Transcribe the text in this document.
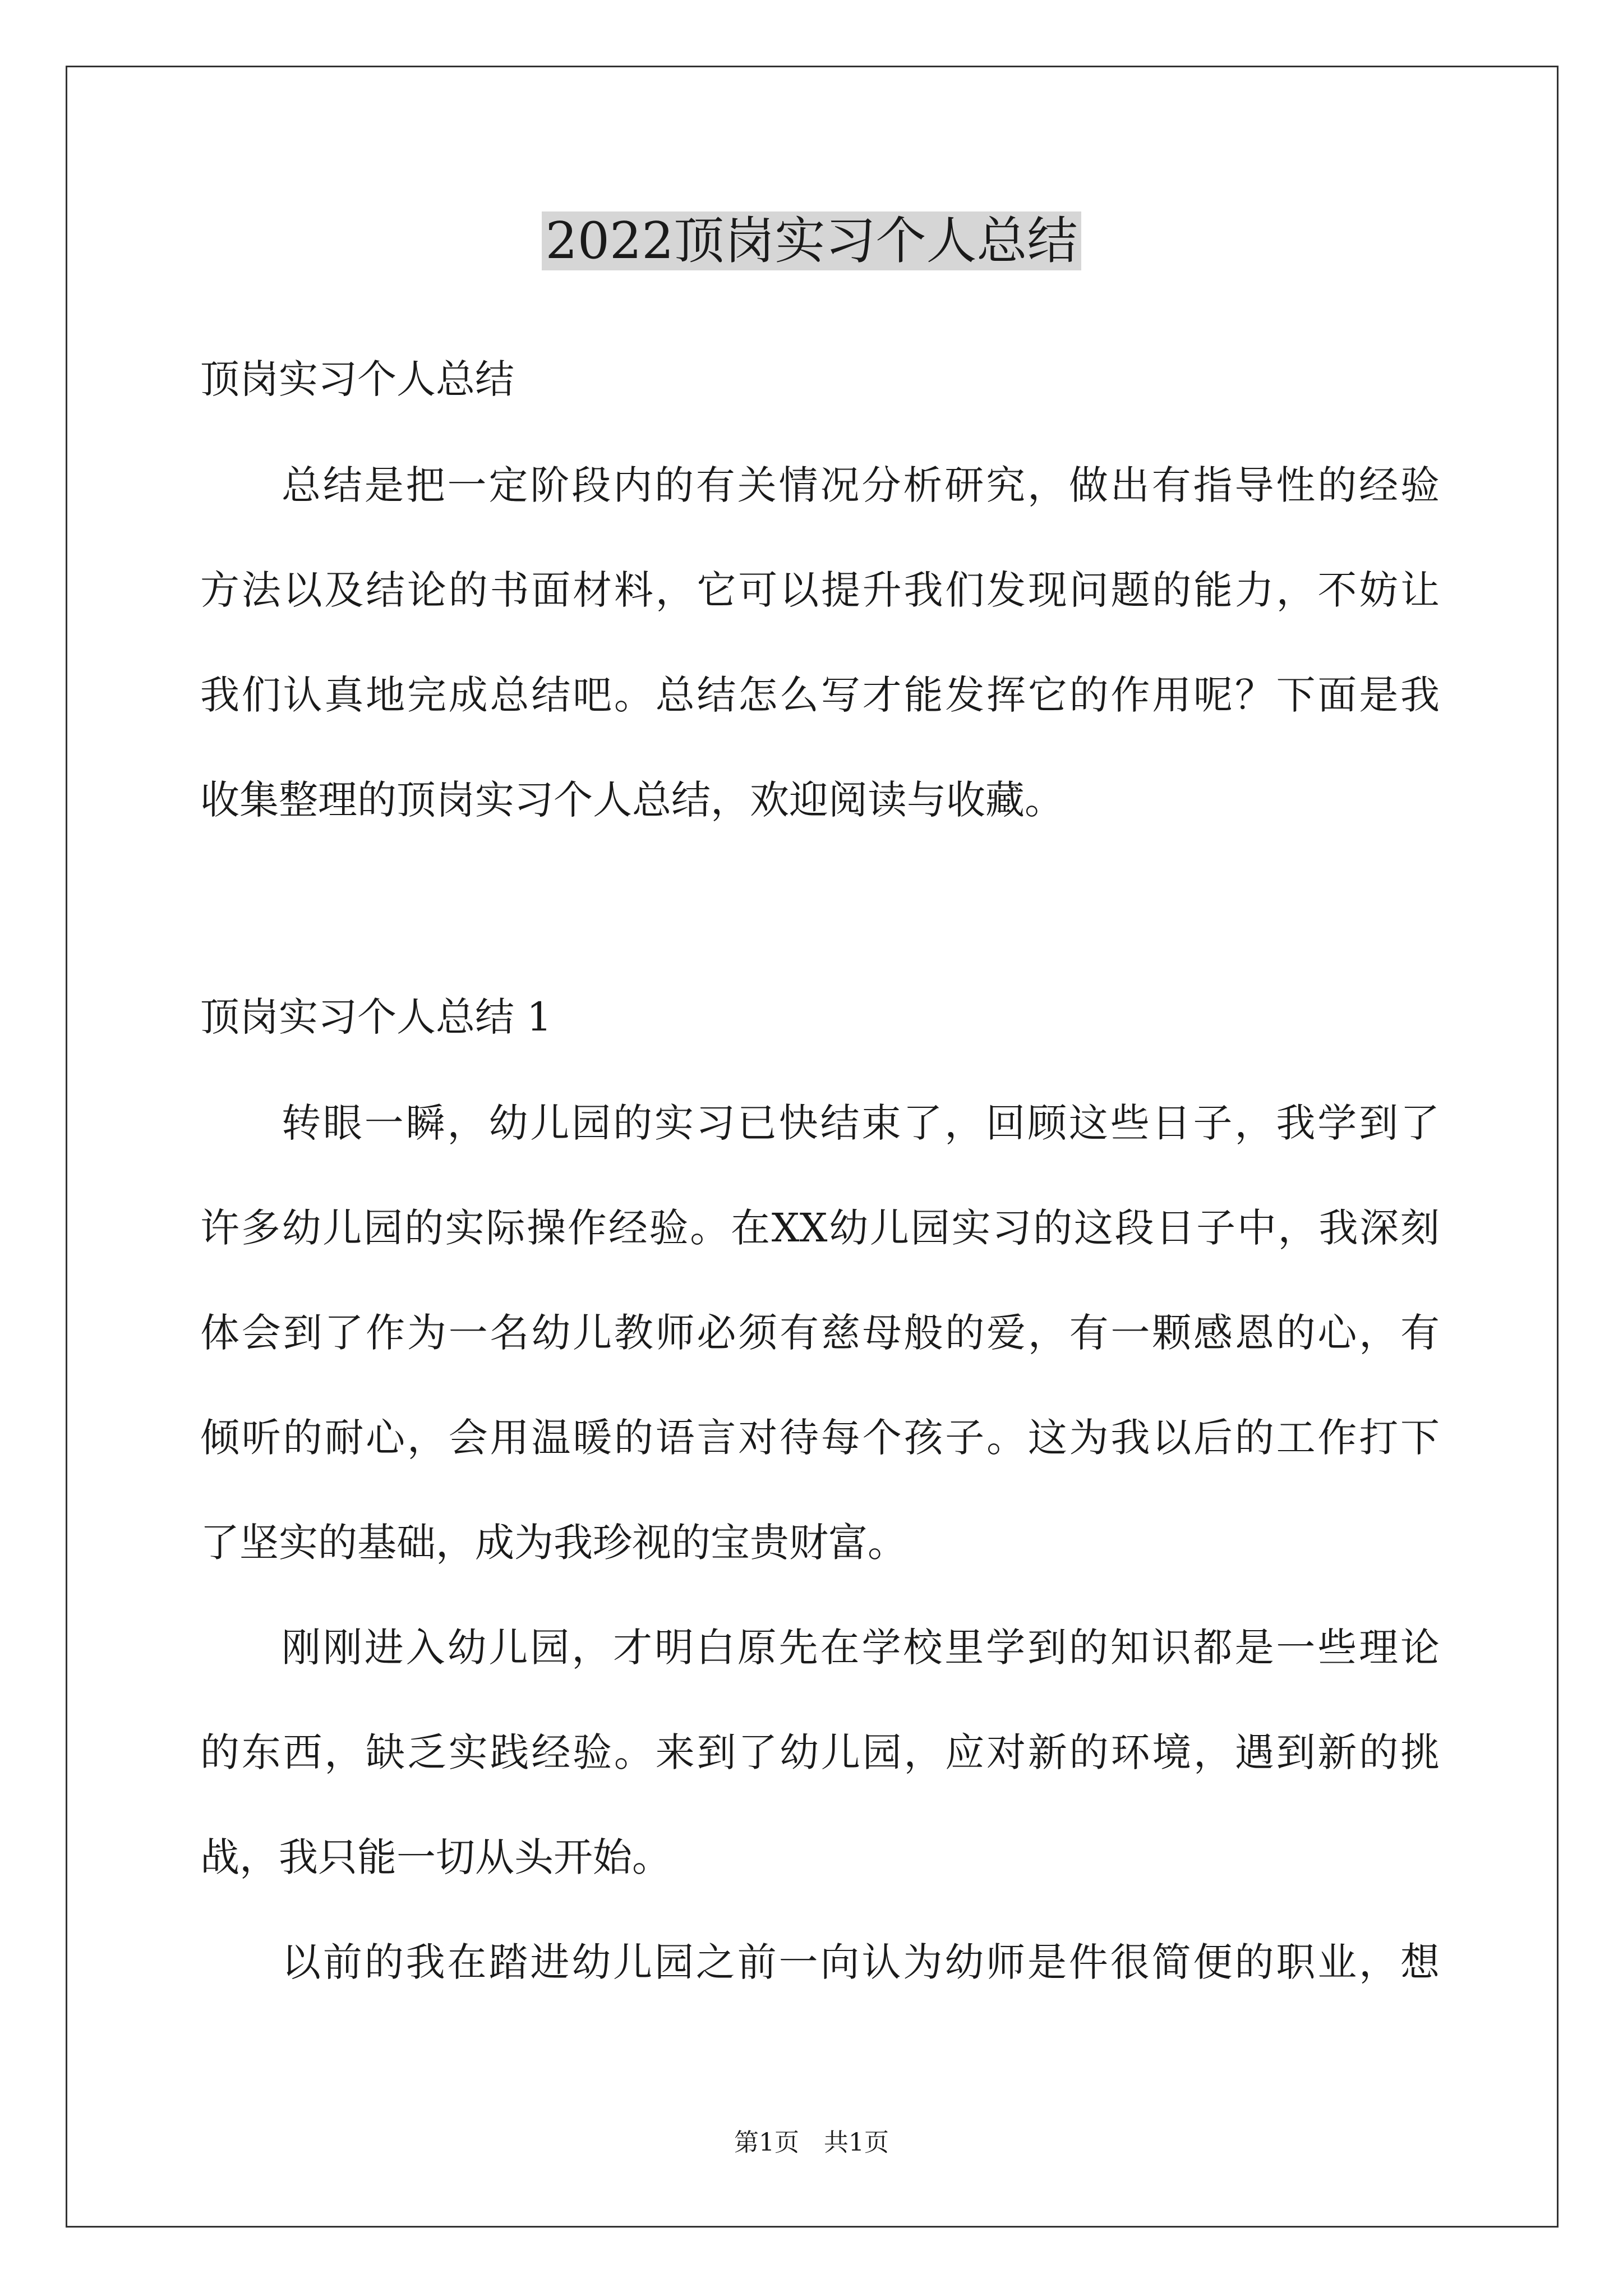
2022顶岗实习个人总结
顶岗实习个人总结
总结是把一定阶段内的有关情况分析研究，做出有指导性的经验
方法以及结论的书面材料，它可以提升我们发现问题的能力，不妨让
我们认真地完成总结吧。总结怎么写才能发挥它的作用呢？下面是我
收集整理的顶岗实习个人总结，欢迎阅读与收藏。
顶岗实习个人总结 1
转眼一瞬，幼儿园的实习已快结束了，回顾这些日子，我学到了
许多幼儿园的实际操作经验。在XX幼儿园实习的这段日子中，我深刻
体会到了作为一名幼儿教师必须有慈母般的爱，有一颗感恩的心，有
倾听的耐心，会用温暖的语言对待每个孩子。这为我以后的工作打下
了坚实的基础，成为我珍视的宝贵财富。
刚刚进入幼儿园，才明白原先在学校里学到的知识都是一些理论
的东西，缺乏实践经验。来到了幼儿园，应对新的环境，遇到新的挑
战，我只能一切从头开始。
以前的我在踏进幼儿园之前一向认为幼师是件很简便的职业，想
第1页　共1页
